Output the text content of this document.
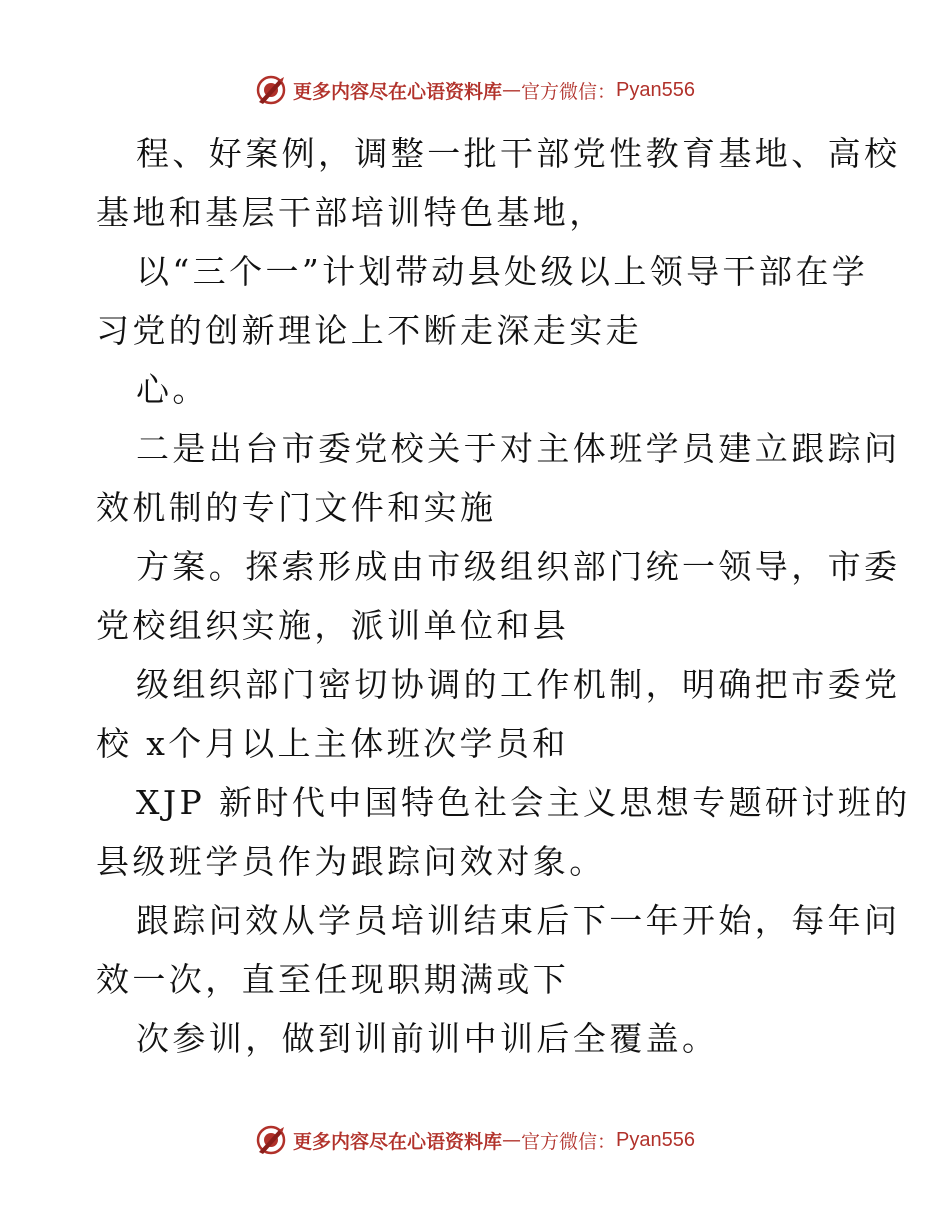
更多内容尽在心语资料库 — 官方微信： Pyan556

程、好案例，调整一批干部党性教育基地、高校

基地和基层干部培训特色基地，

以“三个一”计划带动县处级以上领导干部在学

习党的创新理论上不断走深走实走

心。

二是出台市委党校关于对主体班学员建立跟踪问

效机制的专门文件和实施

方案。探索形成由市级组织部门统一领导，市委

党校组织实施，派训单位和县

级组织部门密切协调的工作机制，明确把市委党

校 x个月以上主体班次学员和

XJP 新时代中国特色社会主义思想专题研讨班的

县级班学员作为跟踪问效对象。

跟踪问效从学员培训结束后下一年开始，每年问

效一次，直至任现职期满或下

次参训，做到训前训中训后全覆盖。

更多内容尽在心语资料库 — 官方微信： Pyan556
